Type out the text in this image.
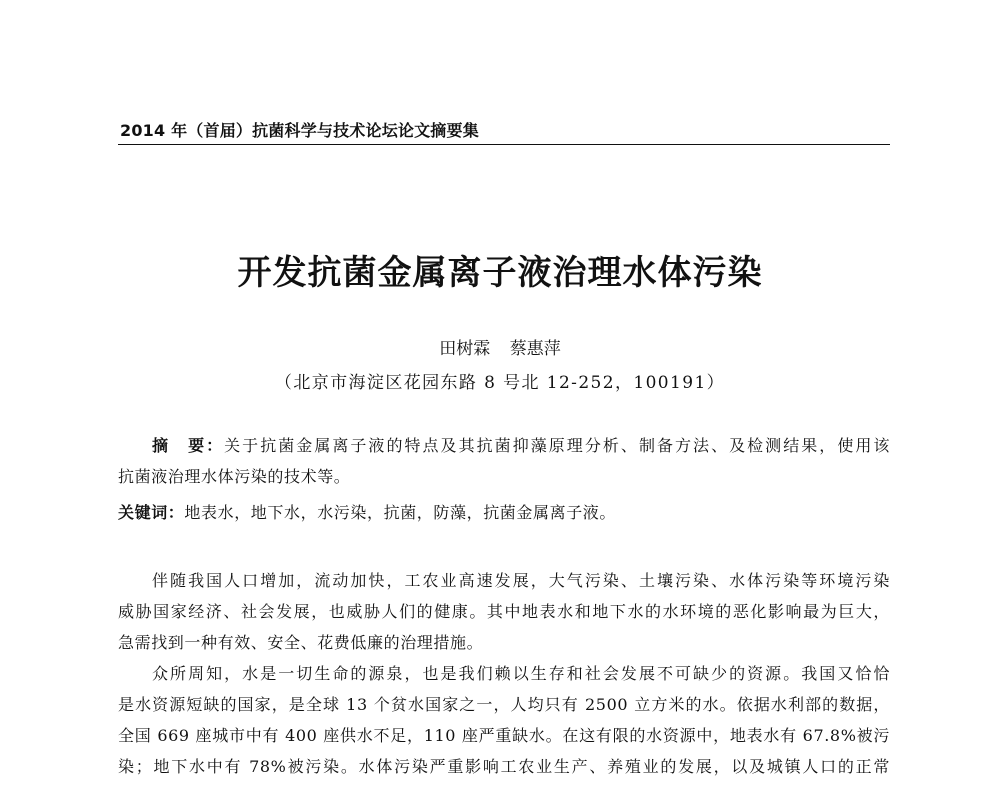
2014 年（首届）抗菌科学与技术论坛论文摘要集
开发抗菌金属离子液治理水体污染
田树霖 蔡惠萍
（北京市海淀区花园东路 8 号北 12-252，100191）
摘　要：关于抗菌金属离子液的特点及其抗菌抑藻原理分析、制备方法、及检测结果，使用该
抗菌液治理水体污染的技术等。
关键词：地表水，地下水，水污染，抗菌，防藻，抗菌金属离子液。
伴随我国人口增加，流动加快，工农业高速发展，大气污染、土壤污染、水体污染等环境污染
威胁国家经济、社会发展，也威胁人们的健康。其中地表水和地下水的水环境的恶化影响最为巨大，
急需找到一种有效、安全、花费低廉的治理措施。
众所周知，水是一切生命的源泉，也是我们赖以生存和社会发展不可缺少的资源。我国又恰恰
是水资源短缺的国家，是全球 13 个贫水国家之一，人均只有 2500 立方米的水。依据水利部的数据，
全国 669 座城市中有 400 座供水不足，110 座严重缺水。在这有限的水资源中，地表水有 67.8%被污
染；地下水中有 78%被污染。水体污染严重影响工农业生产、养殖业的发展，以及城镇人口的正常
